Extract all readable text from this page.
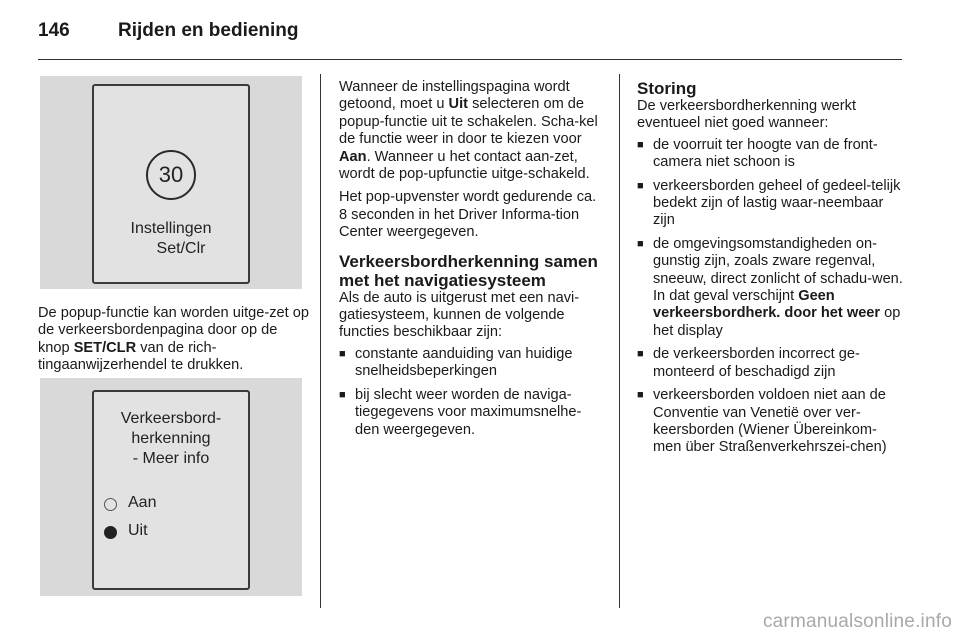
146	Rijden en bediening
30
Instellingen
Set/Clr

De popup-functie kan worden uitge-zet op de verkeersbordenpagina door op de knop SET/CLR van de rich-tingaanwijzerhendel te drukken.

Verkeersbord-
herkenning
- Meer info
Aan
Uit

Wanneer de instellingspagina wordt getoond, moet u Uit selecteren om de popup-functie uit te schakelen. Scha-kel de functie weer in door te kiezen voor Aan. Wanneer u het contact aan-zet, wordt de pop-upfunctie uitge-schakeld.

Het pop-upvenster wordt gedurende ca. 8 seconden in het Driver Informa-tion Center weergegeven.

Verkeersbordherkenning samen met het navigatiesysteem

Als de auto is uitgerust met een navi-gatiesysteem, kunnen de volgende functies beschikbaar zijn:

■ constante aanduiding van huidige snelheidsbeperkingen
■ bij slecht weer worden de naviga-tiegegevens voor maximumsnelhe-den weergegeven.
Storing

De verkeersbordherkenning werkt eventueel niet goed wanneer:

■ de voorruit ter hoogte van de front-camera niet schoon is
■ verkeersborden geheel of gedeel-telijk bedekt zijn of lastig waar-neembaar zijn
■ de omgevingsomstandigheden on-gunstig zijn, zoals zware regenval, sneeuw, direct zonlicht of schadu-wen. In dat geval verschijnt Geen verkeersbordherk. door het weer op het display
■ de verkeersborden incorrect ge-monteerd of beschadigd zijn
■ verkeersborden voldoen niet aan de Conventie van Venetië over ver-keersborden (Wiener Übereinkom-men über Straßenverkehrszei-chen)
carmanualsonline.info
